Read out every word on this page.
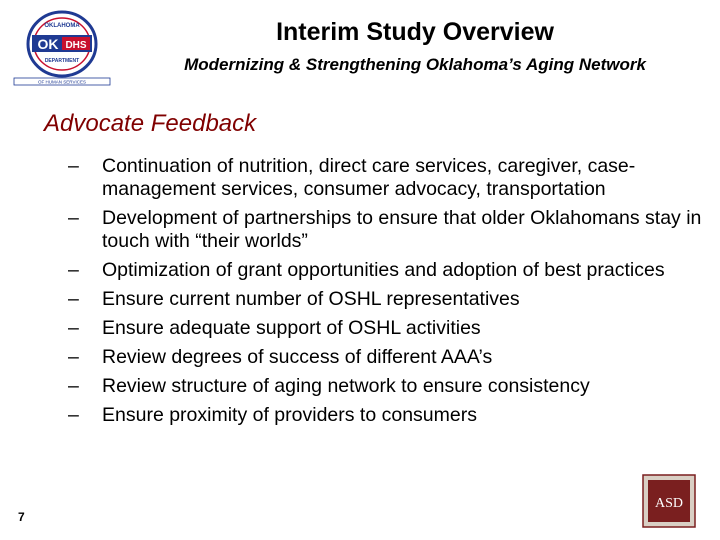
OKLAHOMA
OK DHS
DEPARTMENT
OF HUMAN SERVICES
Interim Study Overview
Modernizing & Strengthening Oklahoma’s Aging Network
Advocate Feedback
– Continuation of nutrition, direct care services, caregiver, case-management services, consumer advocacy, transportation
– Development of partnerships to ensure that older Oklahomans stay in touch with “their worlds”
– Optimization of grant opportunities and adoption of best practices
– Ensure current number of OSHL representatives
– Ensure adequate support of OSHL activities
– Review degrees of success of different AAA’s
– Review structure of aging network to ensure consistency
– Ensure proximity of providers to consumers
7
ASD
